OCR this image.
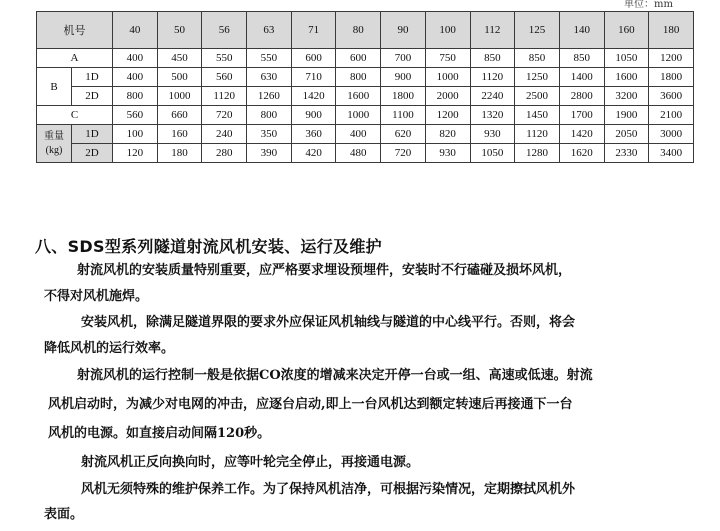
单位：mm
机号		40	50	56	63	71	80	90	100	112	125	140	160	180
A		400	450	550	550	600	600	700	750	850	850	850	1050	1200
B	1D	400	500	560	630	710	800	900	1000	1120	1250	1400	1600	1800
	2D	800	1000	1120	1260	1420	1600	1800	2000	2240	2500	2800	3200	3600
C		560	660	720	800	900	1000	1100	1200	1320	1450	1700	1900	2100
重量
(kg)	1D	100	160	240	350	360	400	620	820	930	1120	1420	2050	3000
	2D	120	180	280	390	420	480	720	930	1050	1280	1620	2330	3400
八、SDS型系列隧道射流风机安装、运行及维护
射流风机的安装质量特别重要，应严格要求埋设预埋件，安装时不行磕碰及损坏风机，
不得对风机施焊。
安装风机，除满足隧道界限的要求外应保证风机轴线与隧道的中心线平行。否则，将会
降低风机的运行效率。
射流风机的运行控制一般是依据CO浓度的增减来决定开停一台或一组、高速或低速。射流
风机启动时，为减少对电网的冲击，应逐台启动,即上一台风机达到额定转速后再接通下一台
风机的电源。如直接启动间隔120秒。
射流风机正反向换向时，应等叶轮完全停止，再接通电源。
风机无须特殊的维护保养工作。为了保持风机洁净，可根据污染情况，定期擦拭风机外
表面。
